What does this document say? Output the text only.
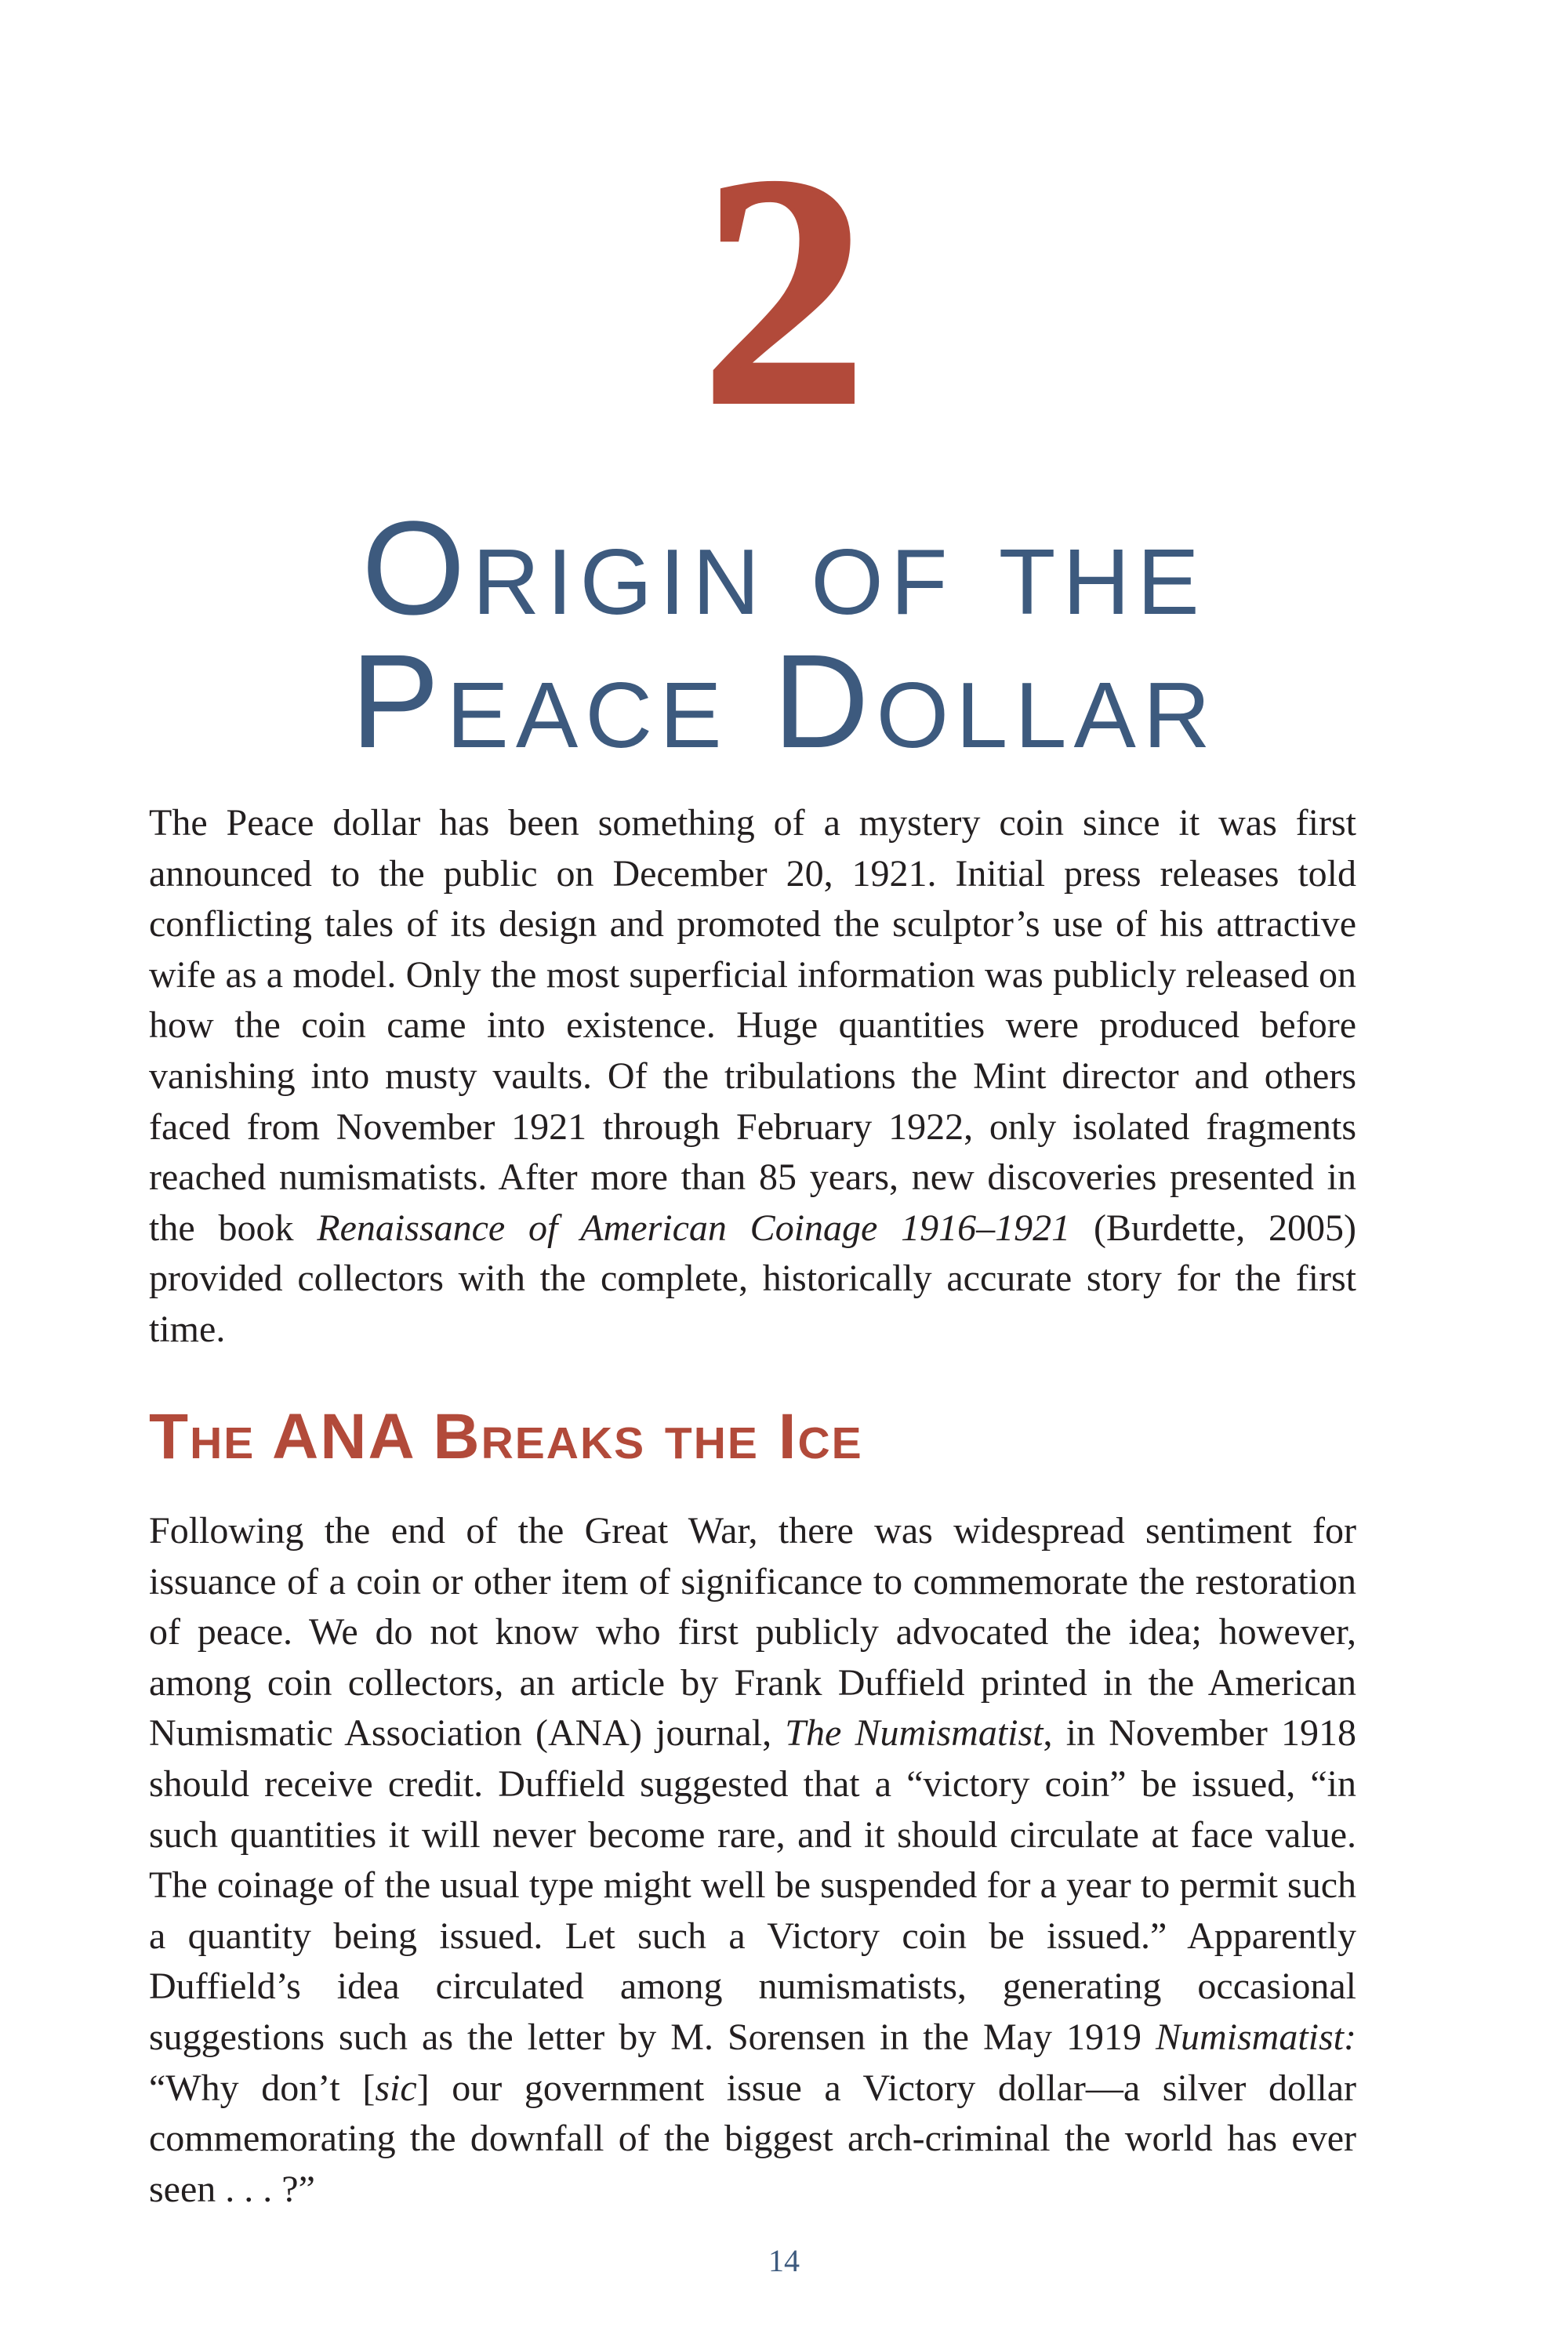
2
Origin of the
Peace Dollar

The Peace dollar has been something of a mystery coin since it was first announced to the public on December 20, 1921. Initial press releases told conflicting tales of its design and promoted the sculptor’s use of his attractive wife as a model. Only the most superficial information was publicly released on how the coin came into existence. Huge quantities were produced before vanishing into musty vaults. Of the tribulations the Mint director and others faced from November 1921 through February 1922, only isolated fragments reached numismatists. After more than 85 years, new discoveries presented in the book Renaissance of American Coinage 1916–1921 (Burdette, 2005) provided collectors with the complete, historically accurate story for the first time.

The ANA Breaks the Ice

Following the end of the Great War, there was widespread sentiment for issuance of a coin or other item of significance to commemorate the restoration of peace. We do not know who first publicly advocated the idea; however, among coin collectors, an article by Frank Duffield printed in the American Numismatic Association (ANA) journal, The Numismatist, in November 1918 should receive credit. Duffield suggested that a “victory coin” be issued, “in such quantities it will never become rare, and it should circulate at face value. The coinage of the usual type might well be suspended for a year to permit such a quantity being issued. Let such a Victory coin be issued.” Apparently Duffield’s idea circulated among numismatists, generating occasional suggestions such as the letter by M. Sorensen in the May 1919 Numismatist: “Why don’t [sic] our government issue a Victory dollar—a silver dollar commemorating the downfall of the biggest arch-criminal the world has ever seen . . . ?”

14
